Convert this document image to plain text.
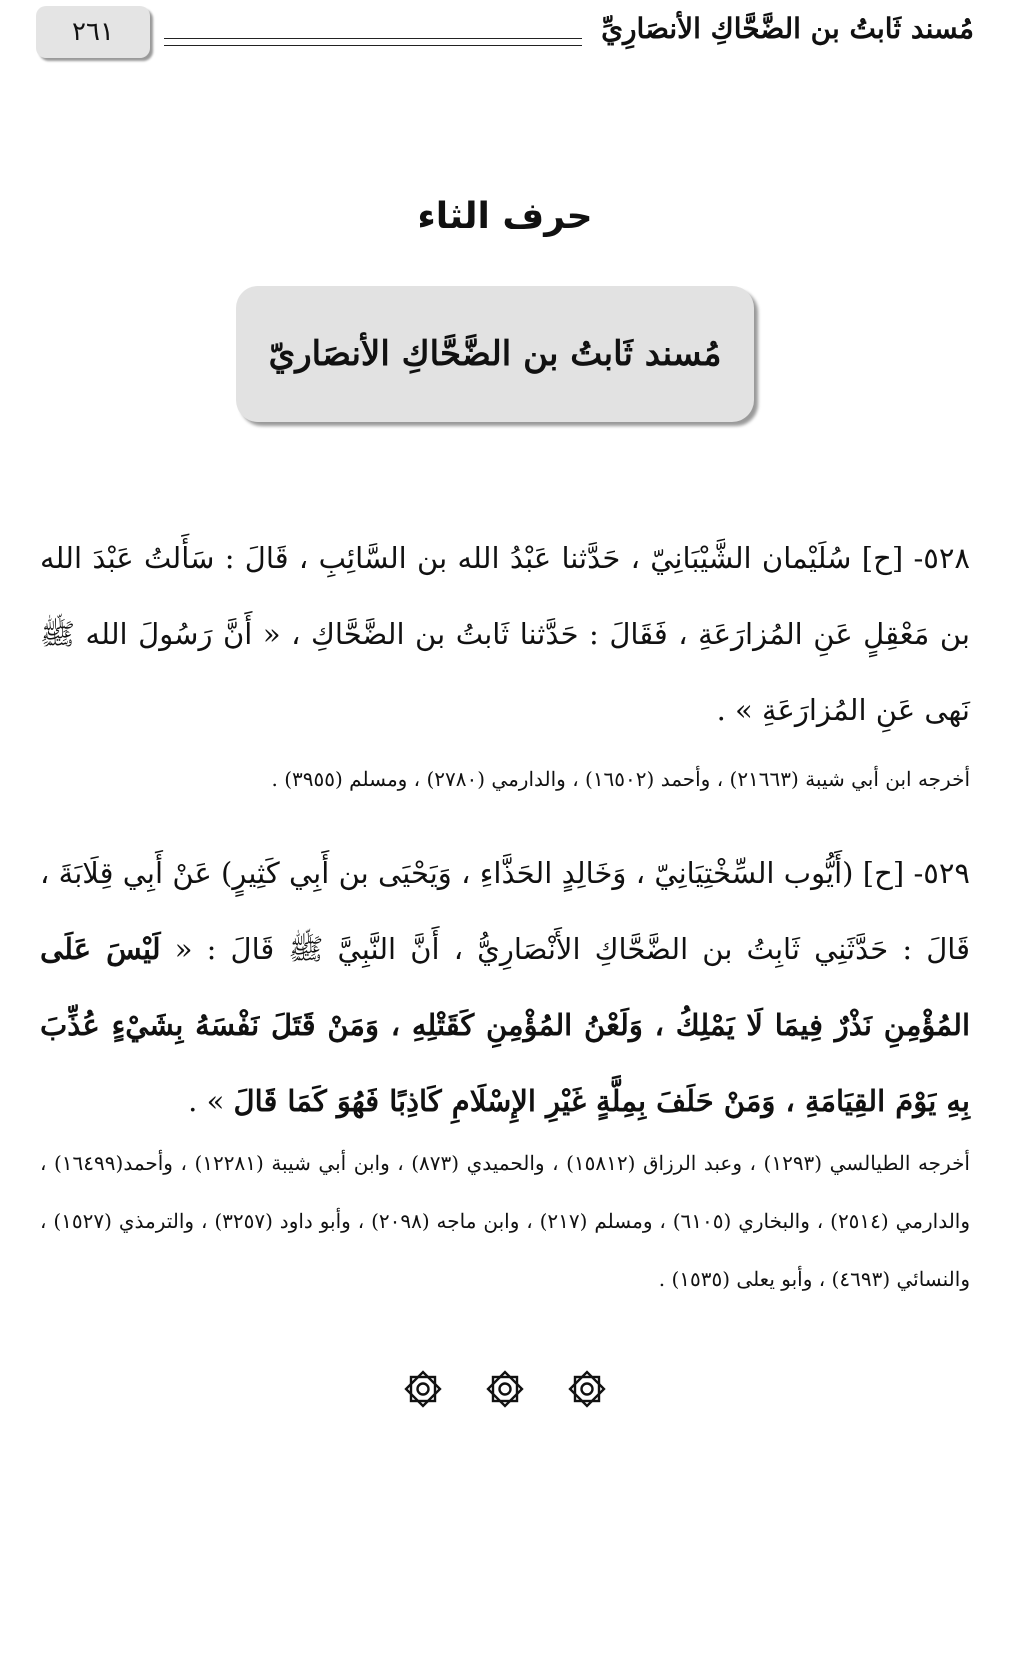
٢٦١	مُسند ثَابتُ بن الضَّحَّاكِ الأنصَارِيِّ
حرف الثاء
مُسند ثَابتُ بن الضَّحَّاكِ الأنصَاريّ
٥٢٨- [ح] سُلَيْمان الشَّيْبَانِيّ ، حَدَّثنا عَبْدُ الله بن السَّائِبِ ، قَالَ : سَأَلتُ عَبْدَ الله بن مَعْقِلٍ عَنِ المُزارَعَةِ ، فَقَالَ : حَدَّثنا ثَابتُ بن الضَّحَّاكِ ، « أَنَّ رَسُولَ الله ﷺ نَهى عَنِ المُزارَعَةِ » .
أخرجه ابن أبي شيبة (٢١٦٦٣) ، وأحمد (١٦٥٠٢) ، والدارمي (٢٧٨٠) ، ومسلم (٣٩٥٥) .
٥٢٩- [ح] (أَيُّوب السِّخْتِيَانِيّ ، وَخَالِدٍ الحَذَّاءِ ، وَيَحْيَى بن أَبِي كَثِيرٍ) عَنْ أَبِي قِلَابَةَ ، قَالَ : حَدَّثَنِي ثَابِتُ بن الضَّحَّاكِ الأَنْصَارِيُّ ، أَنَّ النَّبِيَّ ﷺ قَالَ : « لَيْسَ عَلَى المُؤْمِنِ نَذْرٌ فِيمَا لَا يَمْلِكُ ، وَلَعْنُ المُؤْمِنِ كَقَتْلِهِ ، وَمَنْ قَتَلَ نَفْسَهُ بِشَيْءٍ عُذِّبَ بِهِ يَوْمَ القِيَامَةِ ، وَمَنْ حَلَفَ بِمِلَّةٍ غَيْرِ الإِسْلَامِ كَاذِبًا فَهُوَ كَمَا قَالَ » .
أخرجه الطيالسي (١٢٩٣) ، وعبد الرزاق (١٥٨١٢) ، والحميدي (٨٧٣) ، وابن أبي شيبة (١٢٢٨١) ، وأحمد(١٦٤٩٩) ، والدارمي (٢٥١٤) ، والبخاري (٦١٠٥) ، ومسلم (٢١٧) ، وابن ماجه (٢٠٩٨) ، وأبو داود (٣٢٥٧) ، والترمذي (١٥٢٧) ، والنسائي (٤٦٩٣) ، وأبو يعلى (١٥٣٥) .
